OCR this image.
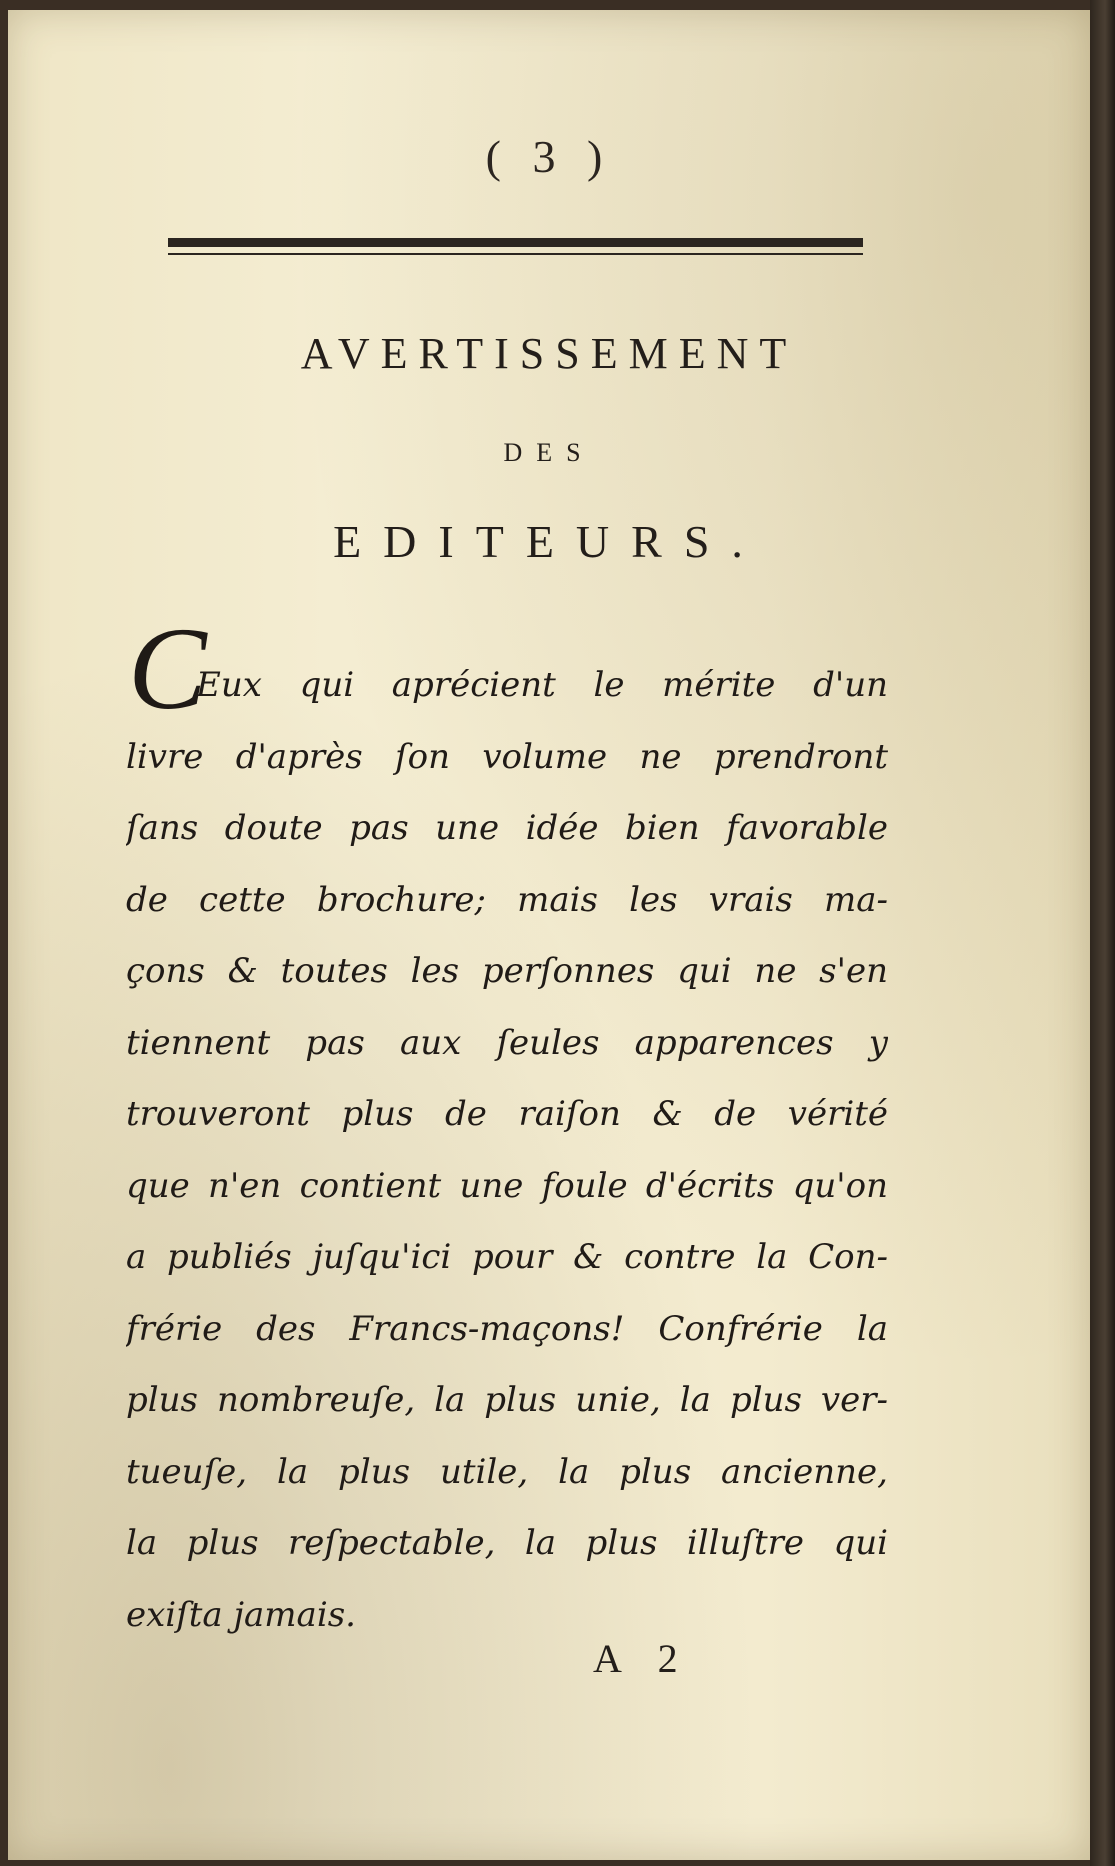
( 3 )
AVERTISSEMENT
DES
EDITEURS.
C
Eux qui aprécient le mérite d'un
livre d'après ſon volume ne prendront
ſans doute pas une idée bien favorable
de cette brochure; mais les vrais ma-
çons & toutes les perſonnes qui ne s'en
tiennent pas aux ſeules apparences y
trouveront plus de raiſon & de vérité
que n'en contient une foule d'écrits qu'on
a publiés juſqu'ici pour & contre la Con-
frérie des Francs-maçons! Confrérie la
plus nombreuſe, la plus unie, la plus ver-
tueuſe, la plus utile, la plus ancienne,
la plus reſpectable, la plus illuſtre qui
exiſta jamais.
A 2
